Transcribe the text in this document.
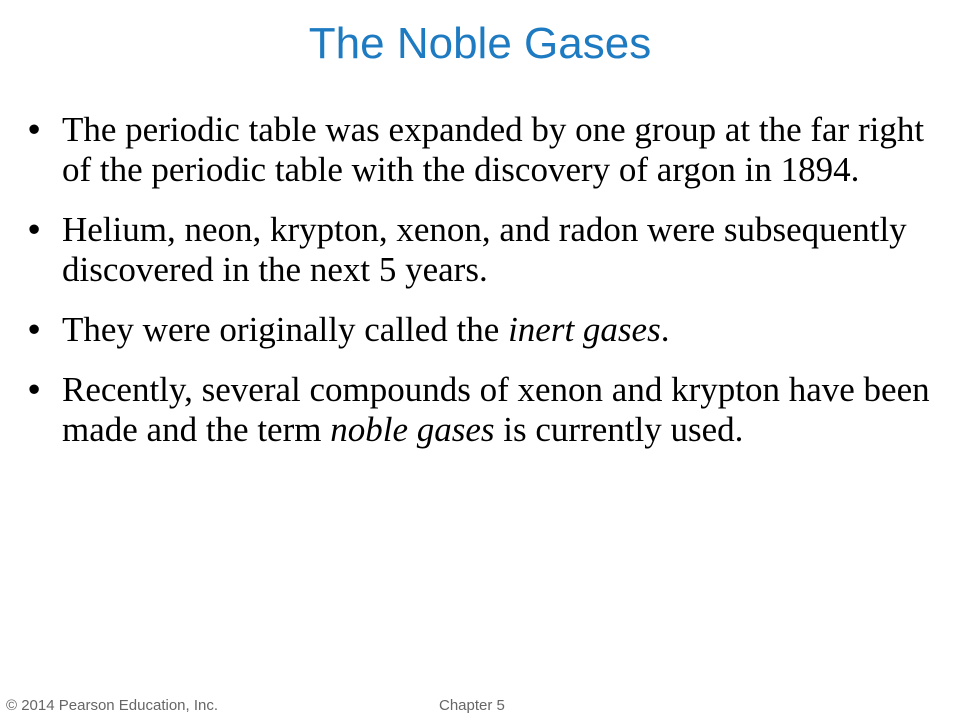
The Noble Gases
• The periodic table was expanded by one group at the far right of the periodic table with the discovery of argon in 1894.
• Helium, neon, krypton, xenon, and radon were subsequently discovered in the next 5 years.
• They were originally called the inert gases.
• Recently, several compounds of xenon and krypton have been made and the term noble gases is currently used.
© 2014 Pearson Education, Inc.	Chapter 5
